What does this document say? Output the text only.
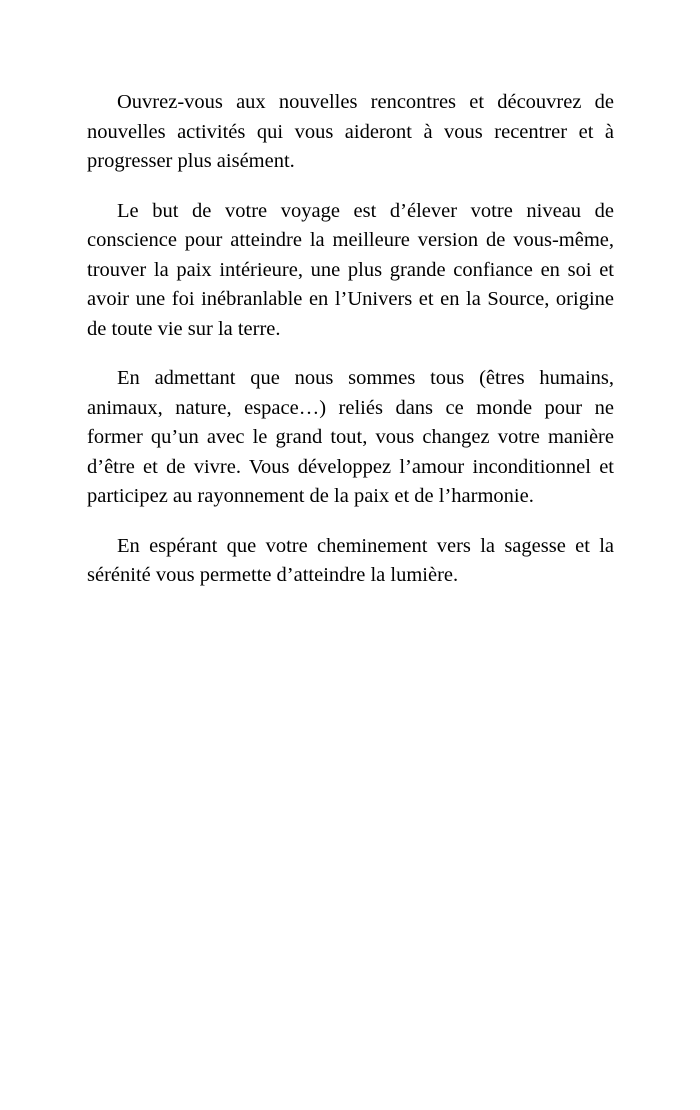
Ouvrez-vous aux nouvelles rencontres et découvrez de nouvelles activités qui vous aideront à vous recentrer et à progresser plus aisément.

Le but de votre voyage est d’élever votre niveau de conscience pour atteindre la meilleure version de vous-même, trouver la paix intérieure, une plus grande confiance en soi et avoir une foi inébranlable en l’Univers et en la Source, origine de toute vie sur la terre.

En admettant que nous sommes tous (êtres humains, animaux, nature, espace…) reliés dans ce monde pour ne former qu’un avec le grand tout, vous changez votre manière d’être et de vivre. Vous développez l’amour inconditionnel et participez au rayonnement de la paix et de l’harmonie.

En espérant que votre cheminement vers la sagesse et la sérénité vous permette d’atteindre la lumière.
